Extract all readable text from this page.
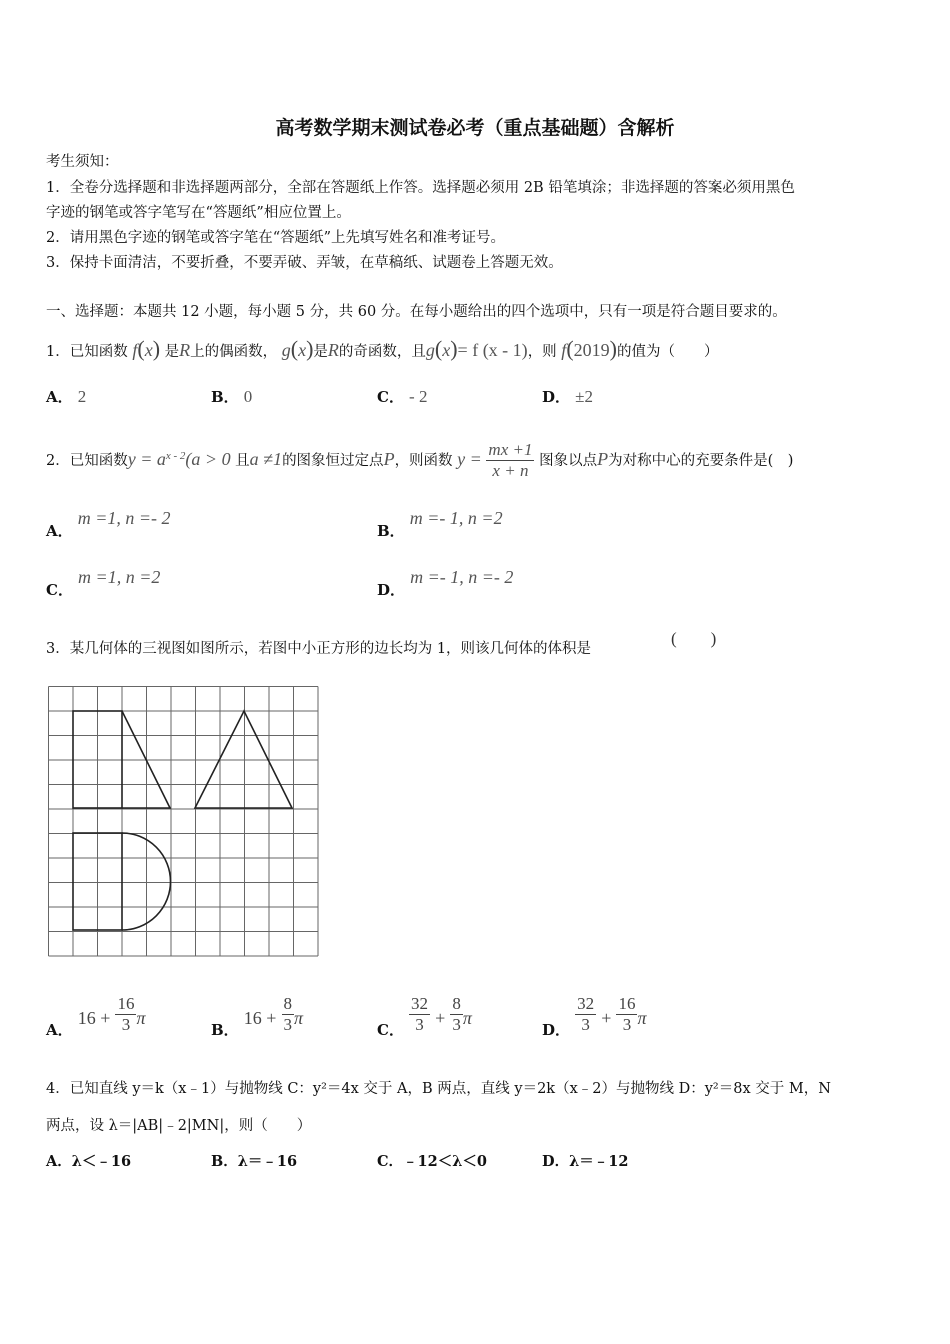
高考数学期末测试卷必考（重点基础题）含解析
考生须知：
1．全卷分选择题和非选择题两部分，全部在答题纸上作答。选择题必须用 2B 铅笔填涂；非选择题的答案必须用黑色
字迹的钢笔或答字笔写在“答题纸”相应位置上。
2．请用黑色字迹的钢笔或答字笔在“答题纸”上先填写姓名和准考证号。
3．保持卡面清洁，不要折叠，不要弄破、弄皱，在草稿纸、试题卷上答题无效。
一、选择题：本题共 12 小题，每小题 5 分，共 60 分。在每小题给出的四个选项中，只有一项是符合题目要求的。
1．已知函数 f(x) 是R上的偶函数， g(x)是R的奇函数，且g(x)= f (x - 1)，则 f(2019)的值为（　　）
A． 2	B． 0	C． - 2	D． ±2
2．已知函数$y = a^{x - 2}(a > 0$ 且a ≠1的图象恒过定点P，则函数 $y = \frac{mx +1}{x + n}$ 图象以点P为对称中心的充要条件是(　)
A． m =1, n =- 2
B． m =- 1, n =2
C． m =1, n =2
D． m =- 1, n =- 2
3．某几何体的三视图如图所示，若图中小正方形的边长均为 1，则该几何体的体积是
(　　)
A． $16 + \frac{16}{3}$ π
B． $16 + \frac{8}{3}$ π
C． $\frac{32}{3} + \frac{8}{3}$ π
D． $\frac{32}{3} + \frac{16}{3}$ π
4．已知直线 y＝k（x﹣1）与抛物线 C：y²＝4x 交于 A，B 两点，直线 y＝2k（x﹣2）与抛物线 D：y²＝8x 交于 M，N
两点，设 λ＝|AB|﹣2|MN|，则（　　）
A．λ＜﹣16	B．λ＝﹣16	C．﹣12＜λ＜0	D．λ＝﹣12
